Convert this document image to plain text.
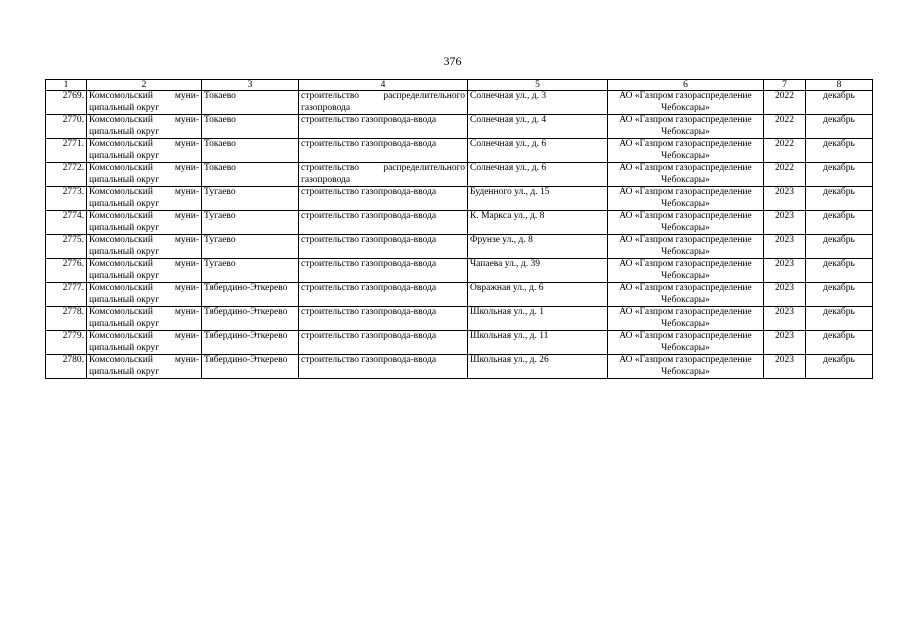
376
1	2	3	4	5	6	7	8
2769.	Комсомольский муни-ципальный округ	Токаево	строительство распределительного газопровода	Солнечная ул., д. 3	АО «Газпром газораспределение Чебоксары»	2022	декабрь
2770.	Комсомольский муни-ципальный округ	Токаево	строительство газопровода-ввода	Солнечная ул., д. 4	АО «Газпром газораспределение Чебоксары»	2022	декабрь
2771.	Комсомольский муни-ципальный округ	Токаево	строительство газопровода-ввода	Солнечная ул., д. 6	АО «Газпром газораспределение Чебоксары»	2022	декабрь
2772.	Комсомольский муни-ципальный округ	Токаево	строительство распределительного газопровода	Солнечная ул., д. 6	АО «Газпром газораспределение Чебоксары»	2022	декабрь
2773.	Комсомольский муни-ципальный округ	Тугаево	строительство газопровода-ввода	Буденного ул., д. 15	АО «Газпром газораспределение Чебоксары»	2023	декабрь
2774.	Комсомольский муни-ципальный округ	Тугаево	строительство газопровода-ввода	К. Маркса ул., д. 8	АО «Газпром газораспределение Чебоксары»	2023	декабрь
2775.	Комсомольский муни-ципальный округ	Тугаево	строительство газопровода-ввода	Фрунзе ул., д. 8	АО «Газпром газораспределение Чебоксары»	2023	декабрь
2776.	Комсомольский муни-ципальный округ	Тугаево	строительство газопровода-ввода	Чапаева ул., д. 39	АО «Газпром газораспределение Чебоксары»	2023	декабрь
2777.	Комсомольский муни-ципальный округ	Тябердино-Эткерево	строительство газопровода-ввода	Овражная ул., д. 6	АО «Газпром газораспределение Чебоксары»	2023	декабрь
2778.	Комсомольский муни-ципальный округ	Тябердино-Эткерево	строительство газопровода-ввода	Школьная ул., д. 1	АО «Газпром газораспределение Чебоксары»	2023	декабрь
2779.	Комсомольский муни-ципальный округ	Тябердино-Эткерево	строительство газопровода-ввода	Школьная ул., д. 11	АО «Газпром газораспределение Чебоксары»	2023	декабрь
2780.	Комсомольский муни-ципальный округ	Тябердино-Эткерево	строительство газопровода-ввода	Школьная ул., д. 26	АО «Газпром газораспределение Чебоксары»	2023	декабрь
